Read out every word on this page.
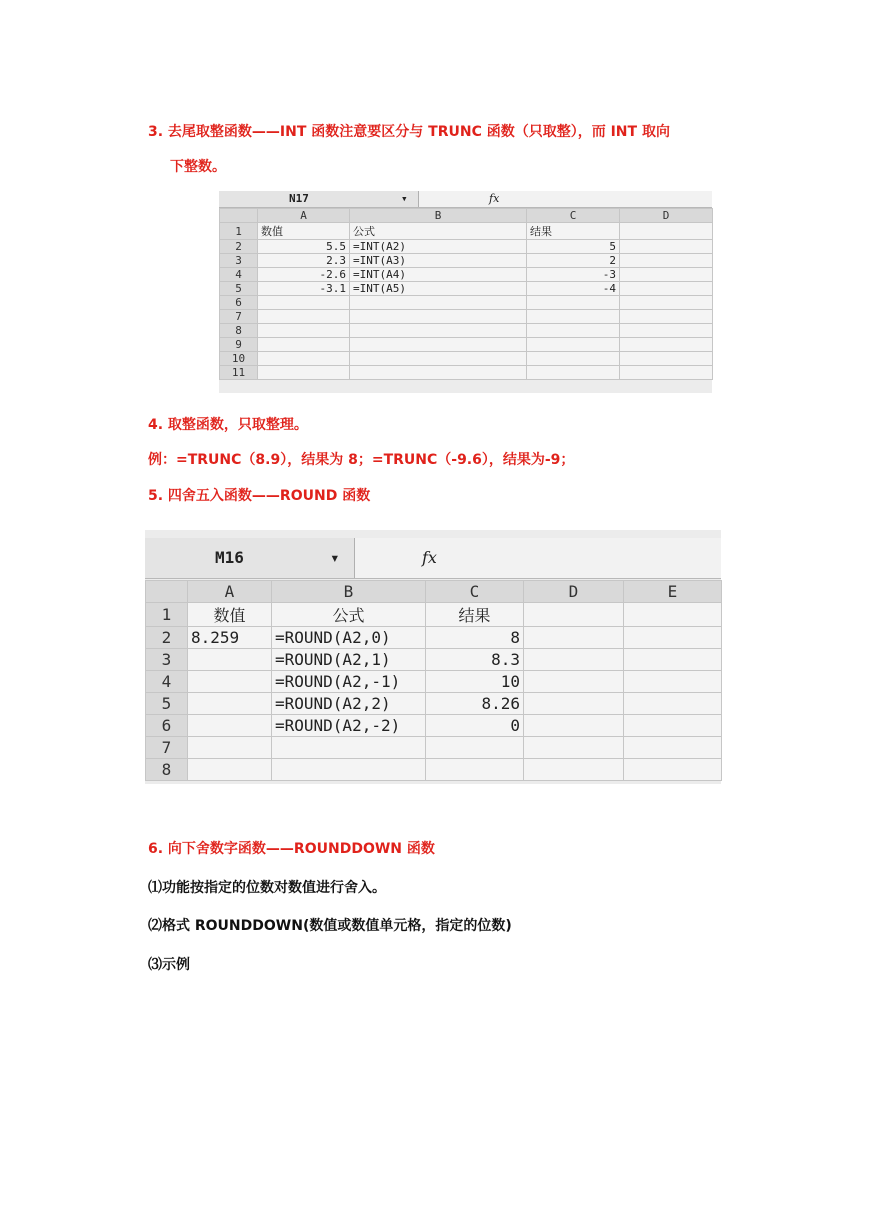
3. 去尾取整函数——INT 函数注意要区分与 TRUNC 函数（只取整），而 INT 取向
下整数。
N17	▾	fx
	A	B	C	D
1	数值	公式	结果	
2	5.5	=INT(A2)	5	
3	2.3	=INT(A3)	2	
4	-2.6	=INT(A4)	-3	
5	-3.1	=INT(A5)	-4	
6				
7				
8				
9				
10				
11				
4. 取整函数，只取整理。
例：=TRUNC（8.9），结果为 8；=TRUNC（-9.6），结果为-9；
5. 四舍五入函数——ROUND 函数
M16	▾	fx
	A	B	C	D	E
1	数值	公式	结果		
2	8.259	=ROUND(A2,0)	8		
3		=ROUND(A2,1)	8.3		
4		=ROUND(A2,-1)	10		
5		=ROUND(A2,2)	8.26		
6		=ROUND(A2,-2)	0		
7					
8					
6. 向下舍数字函数——ROUNDDOWN 函数
⑴功能按指定的位数对数值进行舍入。
⑵格式 ROUNDDOWN(数值或数值单元格，指定的位数)
⑶示例
